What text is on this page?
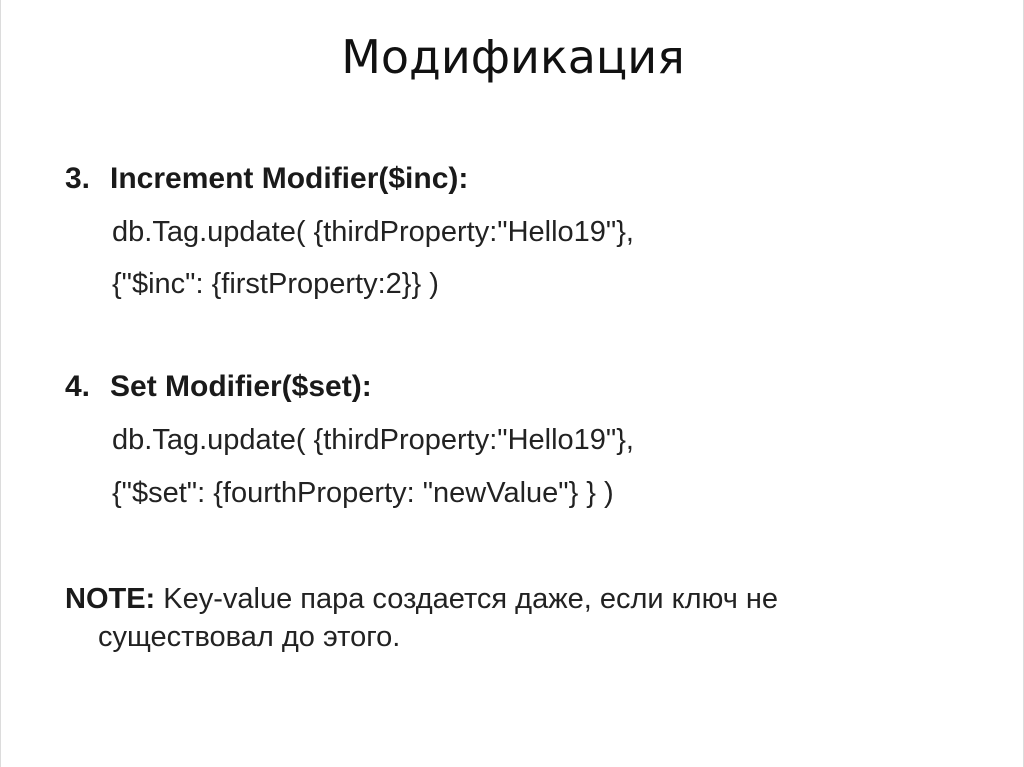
Модификация
3. Increment Modifier($inc):
db.Tag.update( {thirdProperty:"Hello19"},
{"$inc": {firstProperty:2}} )
4. Set Modifier($set):
db.Tag.update( {thirdProperty:"Hello19"},
{"$set": {fourthProperty: "newValue"} } )
NOTE: Key-value пара создается даже, если ключ не
существовал до этого.
